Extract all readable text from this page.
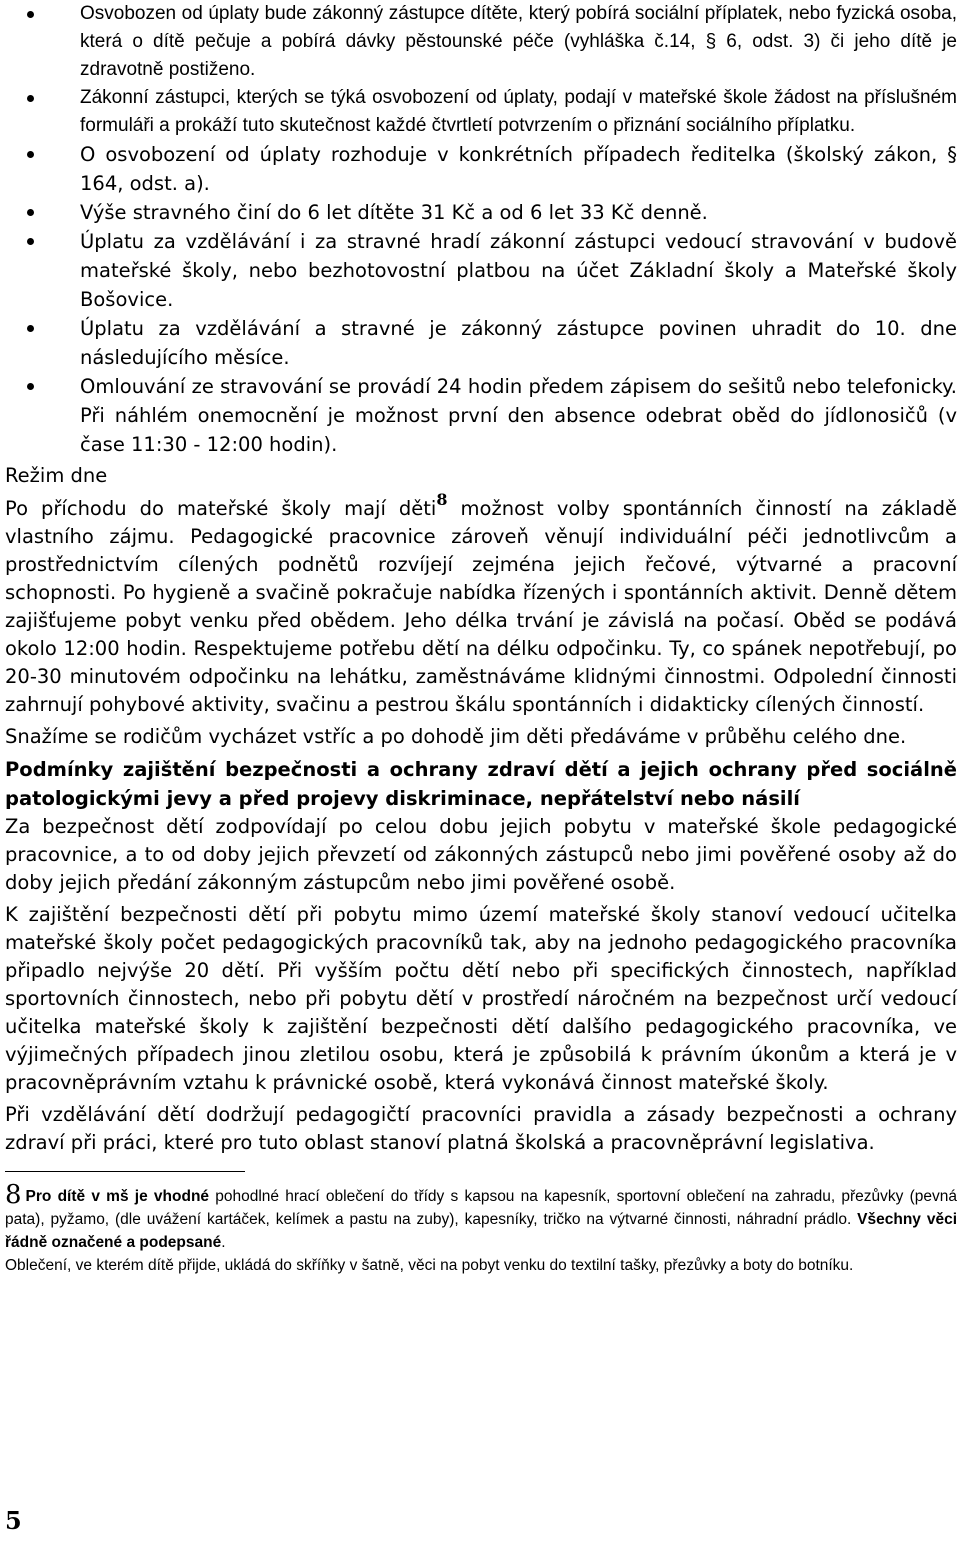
Osvobozen od úplaty bude zákonný zástupce dítěte, který pobírá sociální příplatek, nebo fyzická osoba, která o dítě pečuje a pobírá dávky pěstounské péče (vyhláška č.14, § 6, odst. 3) či jeho dítě je zdravotně postiženo.
Zákonní zástupci, kterých se týká osvobození od úplaty, podají v mateřské škole žádost na příslušném formuláři a prokáží tuto skutečnost každé čtvrtletí potvrzením o přiznání sociálního příplatku.
O osvobození od úplaty rozhoduje v konkrétních případech ředitelka (školský zákon, § 164, odst. a).
Výše stravného činí do 6 let dítěte 31 Kč a od 6 let 33 Kč denně.
Úplatu za vzdělávání i za stravné hradí zákonní zástupci vedoucí stravování v budově mateřské školy, nebo bezhotovostní platbou na účet Základní školy a Mateřské školy Bošovice.
Úplatu za vzdělávání a stravné je zákonný zástupce povinen uhradit do 10. dne následujícího měsíce.
Omlouvání ze stravování se provádí 24 hodin předem zápisem do sešitů nebo telefonicky. Při náhlém onemocnění je možnost první den absence odebrat oběd do jídlonosičů (v čase 11:30 - 12:00 hodin).
Režim dne

Po příchodu do mateřské školy mají děti$^8$ možnost volby spontánních činností na základě vlastního zájmu. Pedagogické pracovnice zároveň věnují individuální péči jednotlivcům a prostřednictvím cílených podnětů rozvíjejí zejména jejich řečové, výtvarné a pracovní schopnosti. Po hygieně a svačině pokračuje nabídka řízených i spontánních aktivit. Denně dětem zajišťujeme pobyt venku před obědem. Jeho délka trvání je závislá na počasí. Oběd se podává okolo 12:00 hodin. Respektujeme potřebu dětí na délku odpočinku. Ty, co spánek nepotřebují, po 20-30 minutovém odpočinku na lehátku, zaměstnáváme klidnými činnostmi. Odpolední činnosti zahrnují pohybové aktivity, svačinu a pestrou škálu spontánních i didakticky cílených činností.

Snažíme se rodičům vycházet vstříc a po dohodě jim děti předáváme v průběhu celého dne.

Podmínky zajištění bezpečnosti a ochrany zdraví dětí a jejich ochrany před sociálně patologickými jevy a před projevy diskriminace, nepřátelství nebo násilí

Za bezpečnost dětí zodpovídají po celou dobu jejich pobytu v mateřské škole pedagogické pracovnice, a to od doby jejich převzetí od zákonných zástupců nebo jimi pověřené osoby až do doby jejich předání zákonným zástupcům nebo jimi pověřené osobě.

K zajištění bezpečnosti dětí při pobytu mimo území mateřské školy stanoví vedoucí učitelka mateřské školy počet pedagogických pracovníků tak, aby na jednoho pedagogického pracovníka připadlo nejvýše 20 dětí. Při vyšším počtu dětí nebo při specifických činnostech, například sportovních činnostech, nebo při pobytu dětí v prostředí náročném na bezpečnost určí vedoucí učitelka mateřské školy k zajištění bezpečnosti dětí dalšího pedagogického pracovníka, ve výjimečných případech jinou zletilou osobu, která je způsobilá k právním úkonům a která je v pracovněprávním vztahu k právnické osobě, která vykonává činnost mateřské školy.

Při vzdělávání dětí dodržují pedagogičtí pracovníci pravidla a zásady bezpečnosti a ochrany zdraví při práci, které pro tuto oblast stanoví platná školská a pracovněprávní legislativa.

8 Pro dítě v mš je vhodné pohodlné hrací oblečení do třídy s kapsou na kapesník, sportovní oblečení na zahradu, přezůvky (pevná pata), pyžamo, (dle uvážení kartáček, kelímek a pastu na zuby), kapesníky, tričko na výtvarné činnosti, náhradní prádlo. Všechny věci řádně označené a podepsané.

Oblečení, ve kterém dítě přijde, ukládá do skříňky v šatně, věci na pobyt venku do textilní tašky, přezůvky a boty do botníku.

5
